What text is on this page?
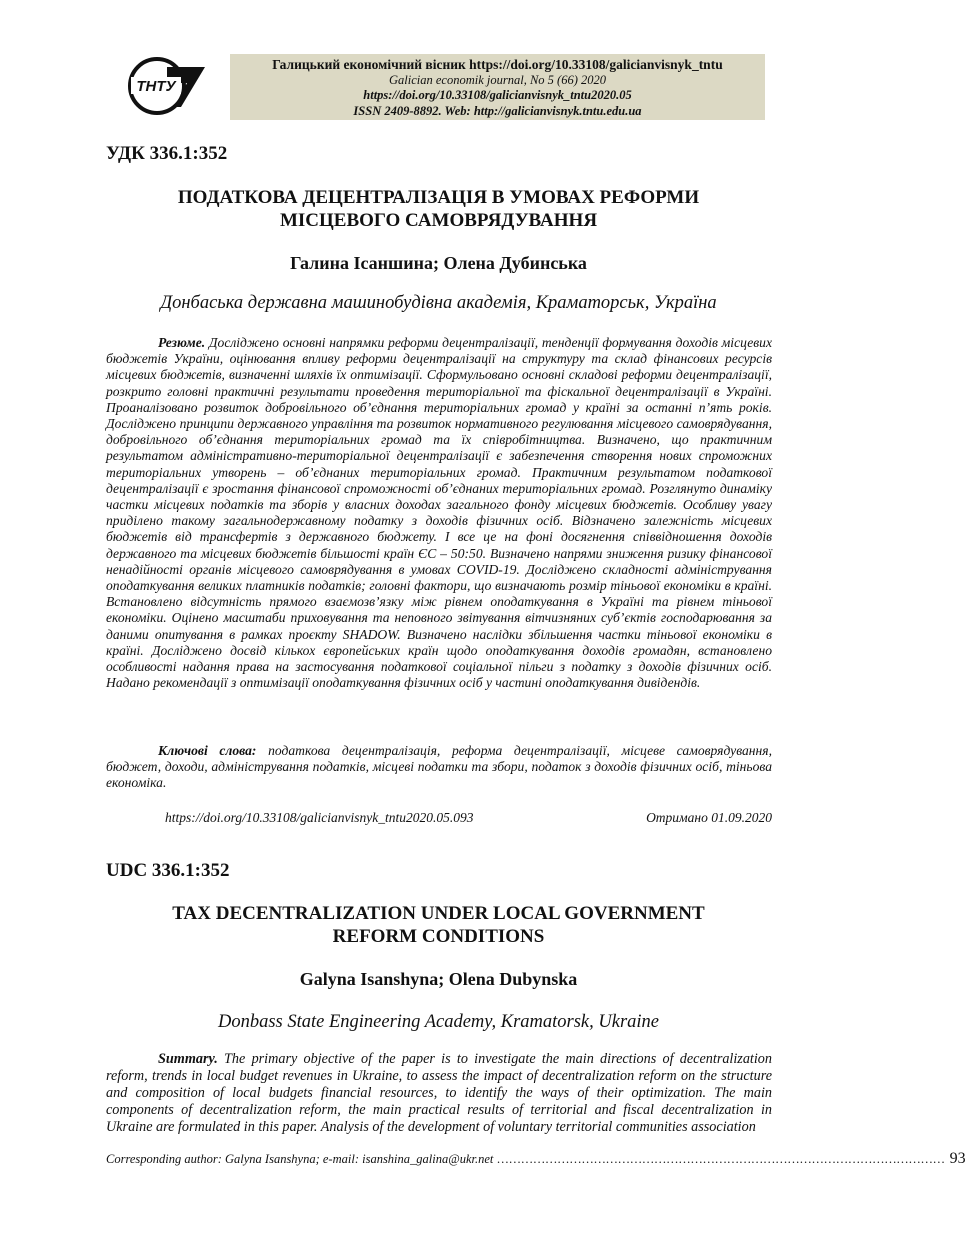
ТНТУ
Галицький економічний вісник https://doi.org/10.33108/galicianvisnyk_tntu
Galician economik journal, No 5 (66) 2020
https://doi.org/10.33108/galicianvisnyk_tntu2020.05
ISSN 2409-8892. Web: http://galicianvisnyk.tntu.edu.ua
УДК 336.1:352
ПОДАТКОВА ДЕЦЕНТРАЛІЗАЦІЯ В УМОВАХ РЕФОРМИ
МІСЦЕВОГО САМОВРЯДУВАННЯ
Галина Ісаншина; Олена Дубинська
Донбаська державна машинобудівна академія, Краматорськ, Україна
Резюме. Досліджено основні напрямки реформи децентралізації, тенденції формування доходів місцевих бюджетів України, оцінювання впливу реформи децентралізації на структуру та склад фінансових ресурсів місцевих бюджетів, визначенні шляхів їх оптимізації. Сформульовано основні складові реформи децентралізації, розкрито головні практичні результати проведення територіальної та фіскальної децентралізації в Україні. Проаналізовано розвиток добровільного об’єднання територіальних громад у країні за останні п’ять років. Досліджено принципи державного управління та розвиток нормативного регулювання місцевого самоврядування, добровільного об’єднання територіальних громад та їх співробітництва. Визначено, що практичним результатом адміністративно-територіальної децентралізації є забезпечення створення нових спроможних територіальних утворень – об’єднаних територіальних громад. Практичним результатом податкової децентралізації є зростання фінансової спроможності об’єднаних територіальних громад. Розглянуто динаміку частки місцевих податків та зборів у власних доходах загального фонду місцевих бюджетів. Особливу увагу приділено такому загальнодержавному податку з доходів фізичних осіб. Відзначено залежність місцевих бюджетів від трансфертів з державного бюджету. І все це на фоні досягнення співвідношення доходів державного та місцевих бюджетів більшості країн ЄС – 50:50. Визначено напрями зниження ризику фінансової ненадійності органів місцевого самоврядування в умовах COVID-19. Досліджено складності адміністрування оподаткування великих платників податків; головні фактори, що визначають розмір тіньової економіки в країні. Встановлено відсутність прямого взаємозв’язку між рівнем оподаткування в Україні та рівнем тіньової економіки. Оцінено масштаби приховування та неповного звітування вітчизняних суб’єктів господарювання за даними опитування в рамках проєкту SHADOW. Визначено наслідки збільшення частки тіньової економіки в країні. Досліджено досвід кількох європейських країн щодо оподаткування доходів громадян, встановлено особливості надання права на застосування податкової соціальної пільги з податку з доходів фізичних осіб. Надано рекомендації з оптимізації оподаткування фізичних осіб у частині оподаткування дивідендів.
Ключові слова: податкова децентралізація, реформа децентралізації, місцеве самоврядування, бюджет, доходи, адміністрування податків, місцеві податки та збори, податок з доходів фізичних осіб, тіньова економіка.
https://doi.org/10.33108/galicianvisnyk_tntu2020.05.093	Отримано 01.09.2020
UDC 336.1:352
TAX DECENTRALIZATION UNDER LOCAL GOVERNMENT
REFORM CONDITIONS
Galyna Isanshyna; Olena Dubynska
Donbass State Engineering Academy, Kramatorsk, Ukraine
Summary. The primary objective of the paper is to investigate the main directions of decentralization reform, trends in local budget revenues in Ukraine, to assess the impact of decentralization reform on the structure and composition of local budgets financial resources, to identify the ways of their optimization. The main components of decentralization reform, the main practical results of territorial and fiscal decentralization in Ukraine are formulated in this paper. Analysis of the development of voluntary territorial communities association
Corresponding author: Galyna Isanshyna; e-mail: isanshina_galina@ukr.net ………………………………………………………………………………………………… 93
